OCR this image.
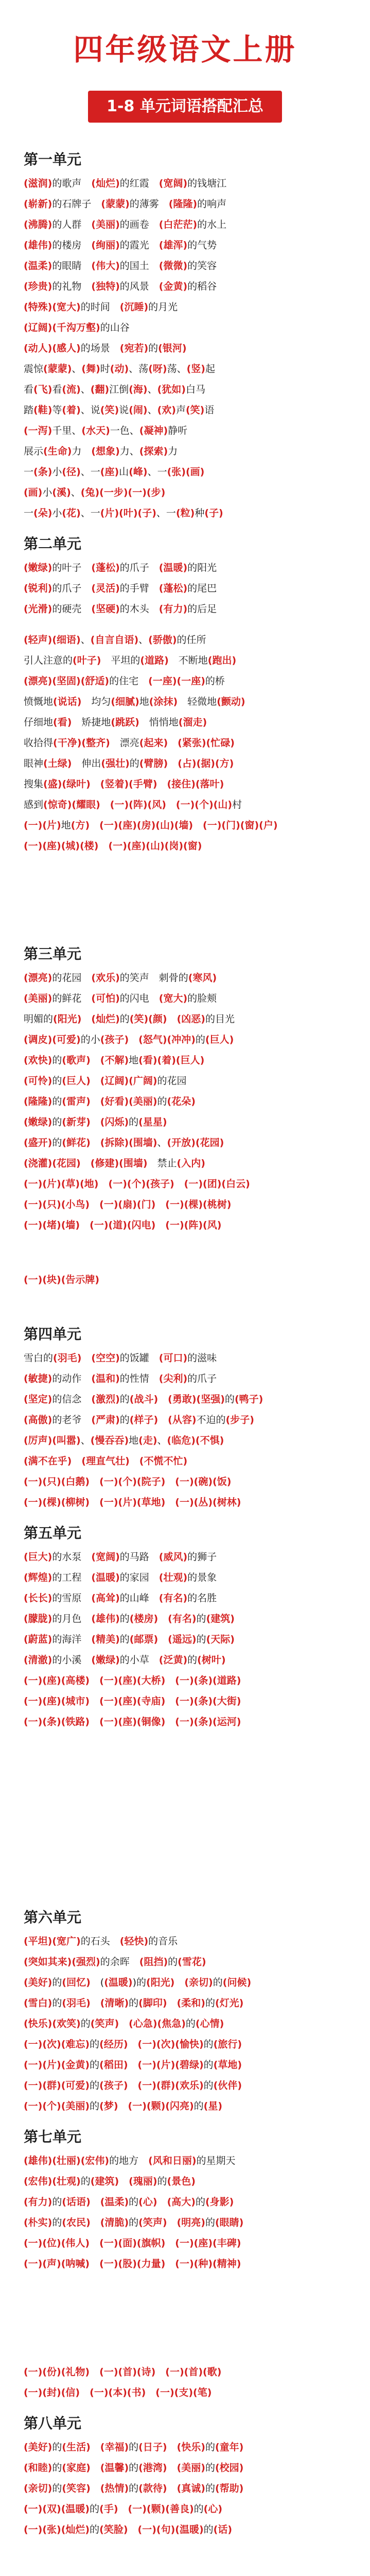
四年级语文上册
1-8 单元词语搭配汇总
第一单元
(滋润)的歌声　(灿烂)的红霞　(宽阔)的钱塘江
(崭新)的石牌子　(蒙蒙)的薄雾　(隆隆)的响声
(沸腾)的人群　(美丽)的画卷　(白茫茫)的水上
(雄伟)的楼房　(绚丽)的霞光　(雄浑)的气势
(温柔)的眼睛　(伟大)的国土　(微微)的笑容
(珍贵)的礼物　(独特)的风景　(金黄)的稻谷
(特殊)(宽大)的时间　(沉睡)的月光
(辽阔)(千沟万壑)的山谷
(动人)(感人)的场景　(宛若)的(银河)
震惊(蒙蒙)、(舞)时(动)、荡(呀)荡、(竖)起
看(飞)看(流)、(翻)江倒(海)、(犹如)白马
踏(鞋)等(着)、说(笑)说(闹)、(欢)声(笑)语
(一泻)千里、(水天)一色、(凝神)静听
展示(生命)力　(想象)力、(探索)力
一(条)小(径)、一(座)山(峰)、一(张)(画)
(画)小(溪)、(兔)(一步)(一)(步)
一(朵)小(花)、一(片)(叶)(子)、一(粒)种(子)
第二单元
(嫩绿)的叶子　(蓬松)的爪子　(温暖)的阳光
(锐利)的爪子　(灵活)的手臂　(蓬松)的尾巴
(光滑)的硬壳　(坚硬)的木头　(有力)的后足
(轻声)(细语)、(自言自语)、(骄傲)的任所
引人注意的(叶子)　平坦的(道路)　不断地(跑出)
(漂亮)(坚固)(舒适)的住宅　(一座)(一座)的桥
愤慨地(说话)　均匀(细腻)地(涂抹)　轻微地(颤动)
仔细地(看)　矫捷地(跳跃)　悄悄地(溜走)
收拾得(干净)(整齐)　漂亮(起来)　 (紧张)(忙碌)
眼神(土绿)　伸出(强壮)的(臂膀)　 (占)(据)(方)
搜集(盛)(绿叶)　 (竖着)(手臂)　 (接住)(落叶)
感到(惊奇)(耀眼)　 (一)(阵)(风)　 (一)(个)(山)村
(一)(片)地(方)　 (一)(座)(房)(山)(墙)　 (一)(门)(窗)(户)
(一)(座)(城)(楼)　 (一)(座)(山)(岗)(窗)
第三单元
(漂亮)的花园　(欢乐)的笑声　刺骨的(寒风)
(美丽)的鲜花　(可怕)的闪电　(宽大)的脸颊
明媚的(阳光)　 (灿烂)的(笑)(颜)　 (凶恶)的目光
(调皮)(可爱)的小(孩子)　 (怒气)(冲冲)的(巨人)
(欢快)的(歌声)　 (不解)地(看)(着)(巨人)
(可怜)的(巨人)　 (辽阔)(广阔)的花园
(隆隆)的(雷声)　 (好看)(美丽)的(花朵)
(嫩绿)的(新芽)　 (闪烁)的(星星)
(盛开)的(鲜花)　 (拆除)(围墙)、(开放)(花园)
(浇灌)(花园)　 (修建)(围墙)　禁止(入内)
(一)(片)(草)(地)　 (一)(个)(孩子)　 (一)(团)(白云)
(一)(只)(小鸟)　 (一)(扇)(门)　 (一)(棵)(桃树)
(一)(堵)(墙)　 (一)(道)(闪电)　 (一)(阵)(风)
(一)(块)(告示牌)
第四单元
雪白的(羽毛)　 (空空)的饭罐　(可口)的滋味
(敏捷)的动作　(温和)的性情　(尖利)的爪子
(坚定)的信念　(激烈)的(战斗)　 (勇敢)(坚强)的(鸭子)
(高傲)的老爷　(严肃)的(样子)　 (从容)不迫的(步子)
(厉声)(叫嚣)、(慢吞吞)地(走)、(临危)(不惧)
(满不在乎)　 (理直气壮)　 (不慌不忙)
(一)(只)(白鹅)　 (一)(个)(院子)　 (一)(碗)(饭)
(一)(棵)(柳树)　 (一)(片)(草地)　 (一)(丛)(树林)
第五单元
(巨大)的水泵　(宽阔)的马路　(威风)的狮子
(辉煌)的工程　(温暖)的家园　(壮观)的景象
(长长)的雪原　(高耸)的山峰　(有名)的名胜
(朦胧)的月色　(雄伟)的(楼房)　 (有名)的(建筑)
(蔚蓝)的海洋　(精美)的(邮票)　 (遥远)的(天际)
(清澈)的小溪　(嫩绿)的小草　(泛黄)的(树叶)
(一)(座)(高楼)　 (一)(座)(大桥)　 (一)(条)(道路)
(一)(座)(城市)　 (一)(座)(寺庙)　 (一)(条)(大街)
(一)(条)(铁路)　 (一)(座)(铜像)　 (一)(条)(运河)
第六单元
(平坦)(宽广)的石头　(轻快)的音乐
(突如其来)(强烈)的余晖　(阻挡)的(雪花)
(美好)的(回忆)　((温暖))的(阳光)　 (亲切)的(问候)
(雪白)的(羽毛)　 (清晰)的(脚印)　 (柔和)的(灯光)
(快乐)(欢笑)的(笑声)　 (心急)(焦急)的(心情)
(一)(次)(难忘)的(经历)　 (一)(次)(愉快)的(旅行)
(一)(片)(金黄)的(稻田)　 (一)(片)(碧绿)的(草地)
(一)(群)(可爱)的(孩子)　 (一)(群)(欢乐)的(伙伴)
(一)(个)(美丽)的(梦)　 (一)(颗)(闪亮)的(星)
第七单元
(雄伟)(壮丽)(宏伟)的地方　(风和日丽)的星期天
(宏伟)(壮观)的(建筑)　 (瑰丽)的(景色)
(有力)的(话语)　 (温柔)的(心)　 (高大)的(身影)
(朴实)的(农民)　 (清脆)的(笑声)　 (明亮)的(眼睛)
(一)(位)(伟人)　 (一)(面)(旗帜)　 (一)(座)(丰碑)
(一)(声)(呐喊)　 (一)(股)(力量)　 (一)(种)(精神)
(一)(份)(礼物)　 (一)(首)(诗)　 (一)(首)(歌)
(一)(封)(信)　 (一)(本)(书)　 (一)(支)(笔)
第八单元
(美好)的(生活)　 (幸福)的(日子)　 (快乐)的(童年)
(和睦)的(家庭)　 (温馨)的(港湾)　 (美丽)的(校园)
(亲切)的(笑容)　 (热情)的(款待)　 (真诚)的(帮助)
(一)(双)(温暖)的(手)　 (一)(颗)(善良)的(心)
(一)(张)(灿烂)的(笑脸)　 (一)(句)(温暖)的(话)
